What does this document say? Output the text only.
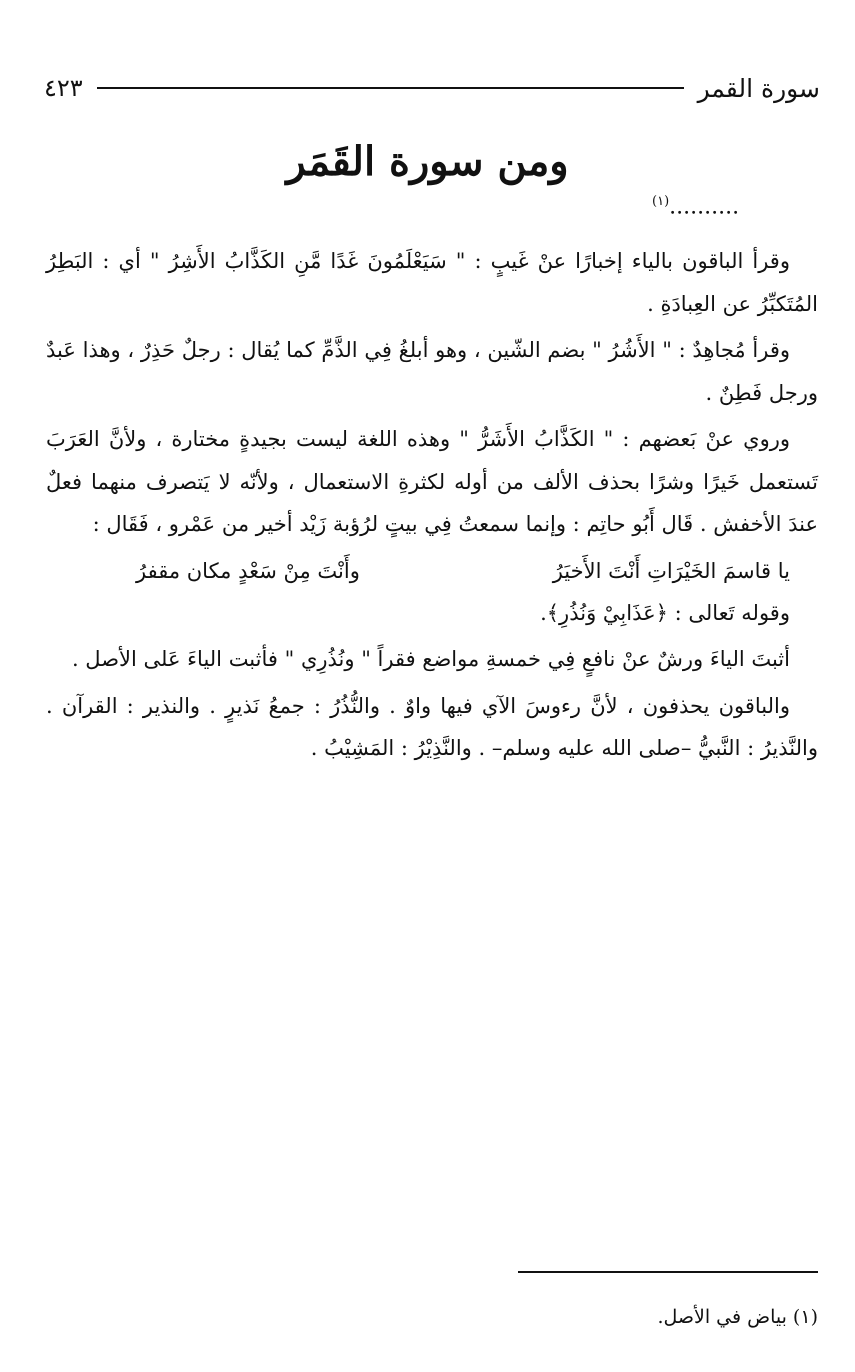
سورة القمر
٤٢٣
ومن سورة القَمَر
..........$^{(١)}$

وقرأ الباقون بالياء إخبارًا عنْ غَيبٍ : " سَيَعْلَمُونَ غَدًا مَّنِ الكَذَّابُ الأَشِرُ " أي : البَطِرُ المُتَكبِّرُ عن العِبادَةِ .

وقرأ مُجاهِدٌ : " الأَشُرُ " بضم الشّين ، وهو أبلغُ فِي الذَّمِّ كما يُقال : رجلٌ حَذِرٌ ، وهذا عَبدٌ ورجل فَطِنٌ .

وروي عنْ بَعضهم : " الكَذَّابُ الأَشَرُّ " وهذه اللغة ليست بجيدةٍ مختارة ، ولأنَّ العَرَبَ تَستعمل خَيرًا وشرًا بحذف الألف من أوله لكثرةِ الاستعمال ، ولأنّه لا يَتصرف منهما فعلٌ عندَ الأخفش . قَال أَبُو حاتِم : وإنما سمعتُ فِي بيتٍ لرُؤبة زَيْد أخير من عَمْرو ، فَقَال :

يا قاسمَ الخَيْرَاتِ أَنْتَ الأَخيَرُ
وأَنْتَ مِنْ سَعْدٍ مكان مقفرُ

وقوله تَعالى : ﴿عَذَابِيْ وَنُذُرِ﴾.

أثبتَ الياءَ ورشٌ عنْ نافعٍ فِي خمسةِ مواضع فقراً " ونُذُرِي " فأثبت الياءَ عَلى الأصل .

والباقون يحذفون ، لأنَّ رءوسَ الآي فيها واوٌ . والنُّذُرُ : جمعُ نَذيرٍ . والنذير : القرآن . والنَّذيرُ : النَّبيُّ –صلى الله عليه وسلم– . والنَّذِيْرُ : المَشِيْبُ .

(١) بياض في الأصل.
